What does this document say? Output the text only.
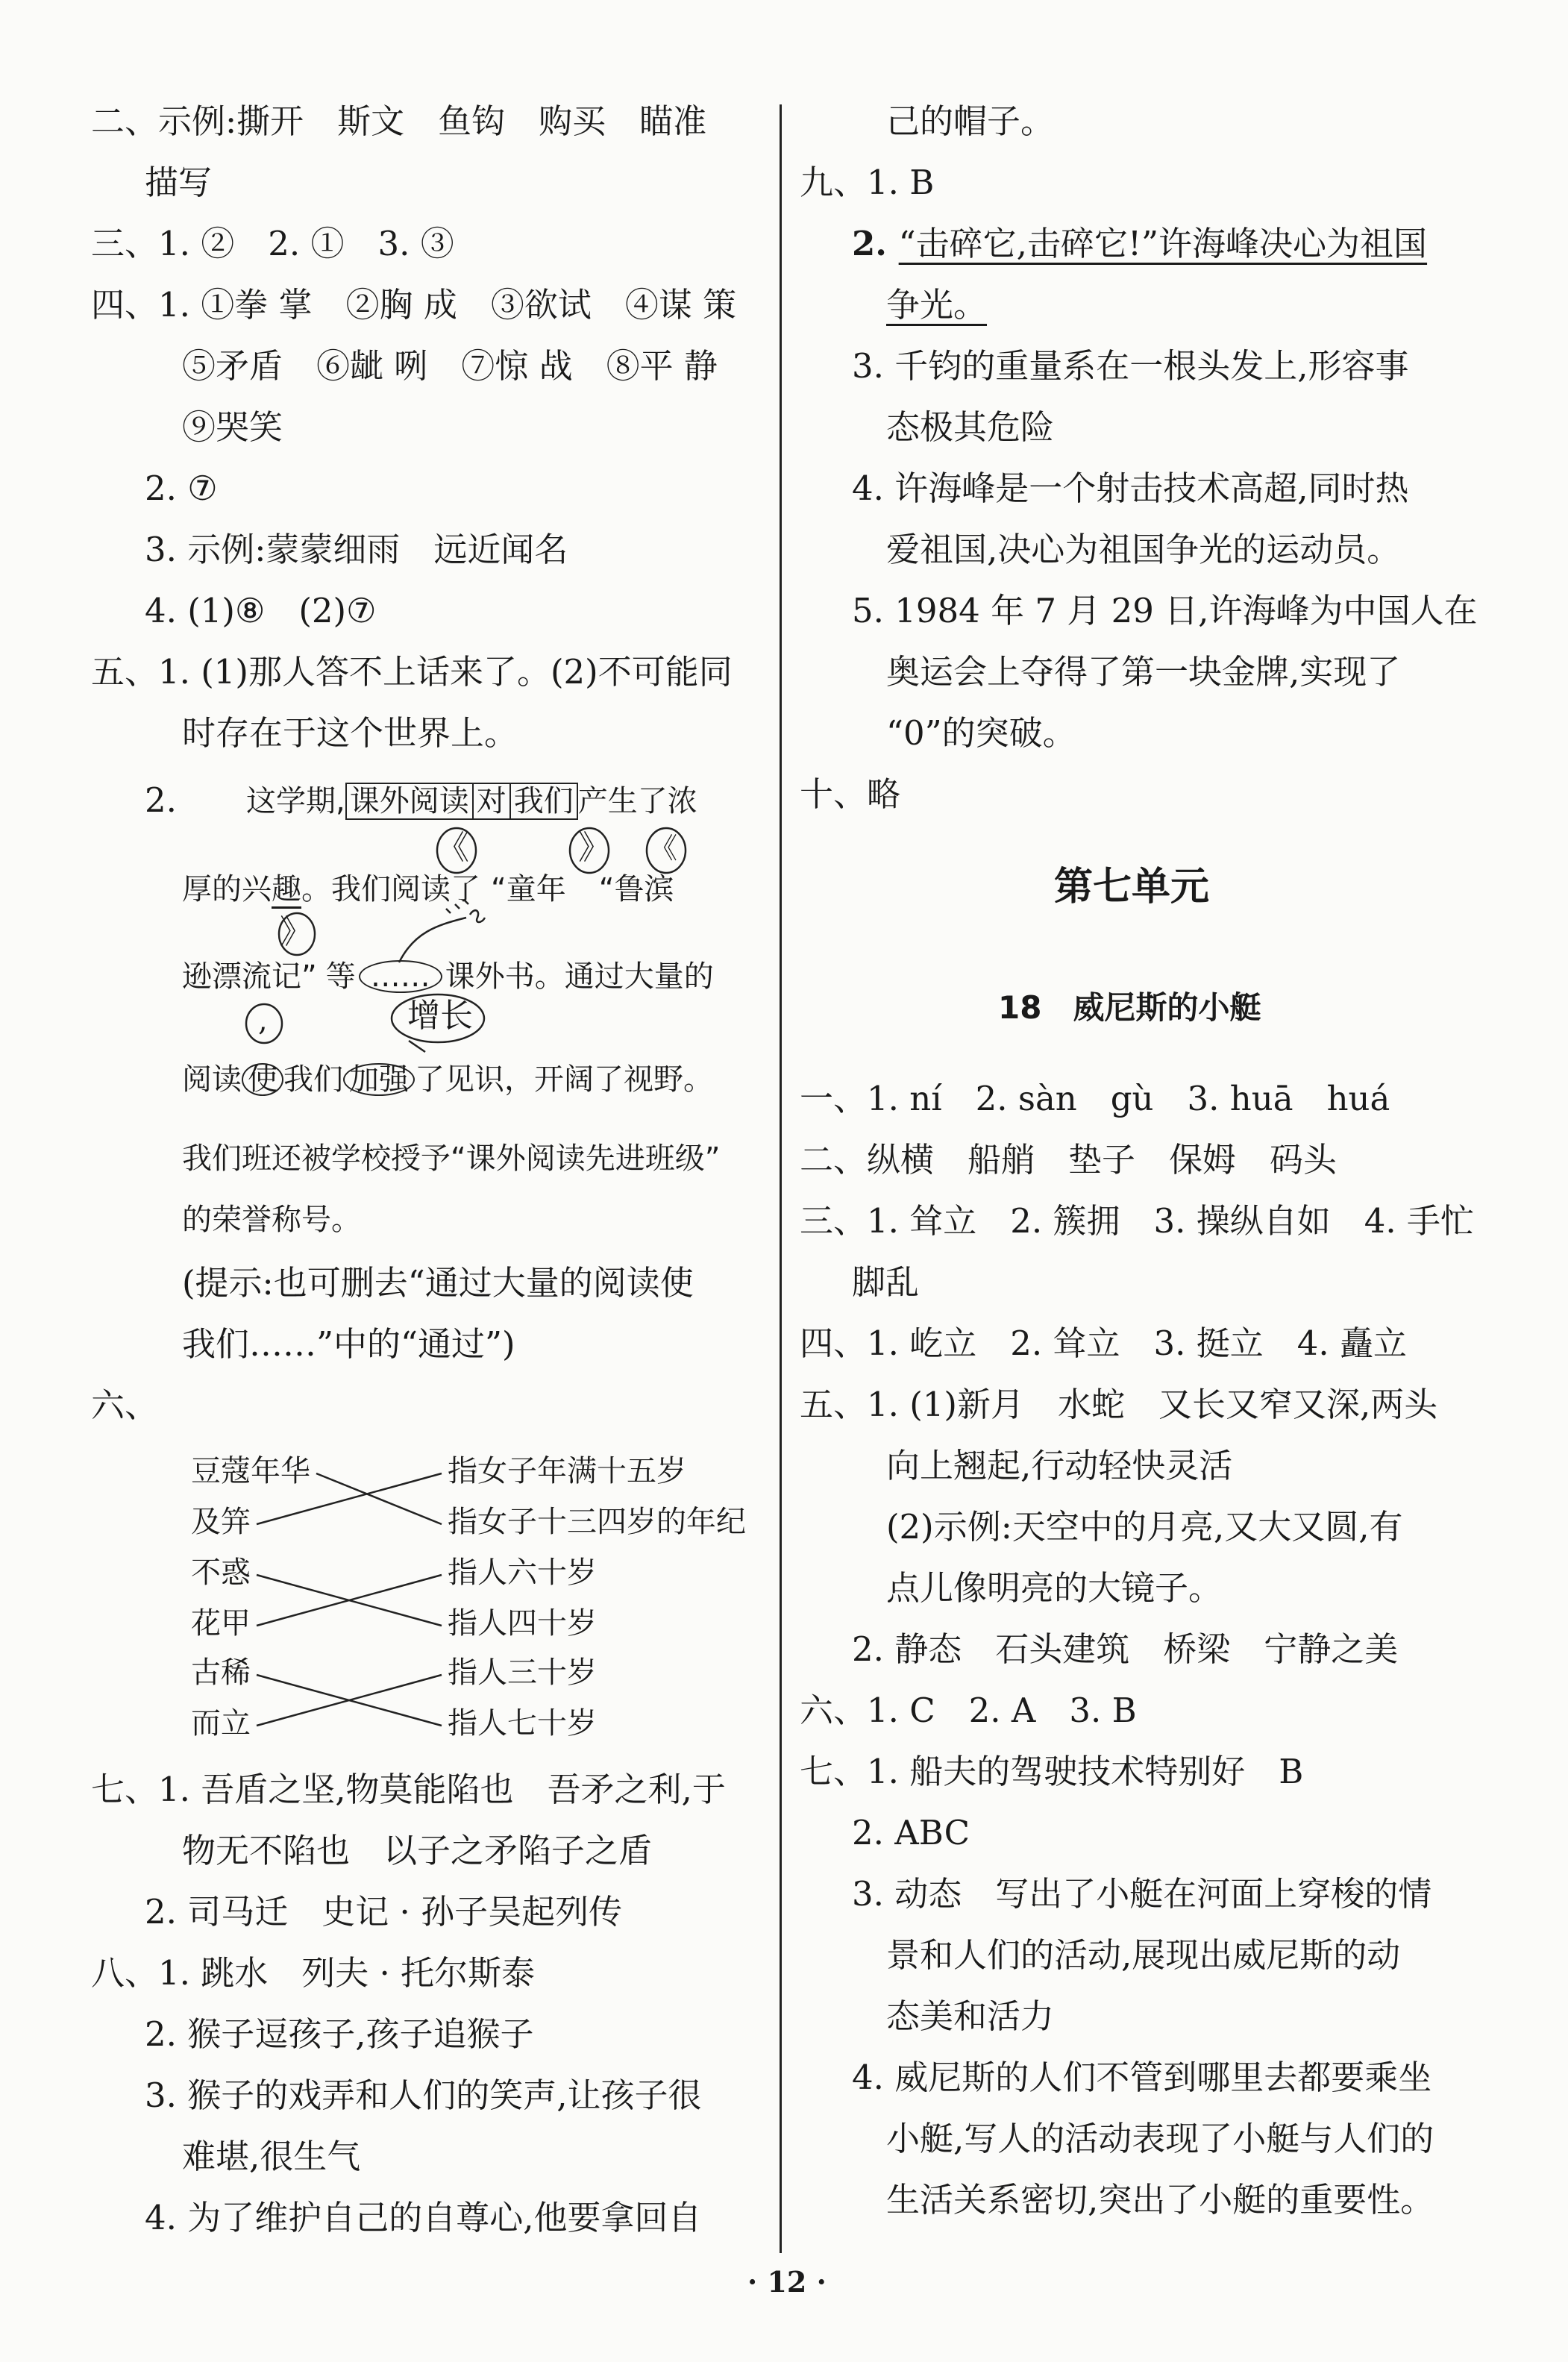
二、示例:撕开　斯文　鱼钩　购买　瞄准
描写
三、1. ②　2. ①　3. ③
四、1. ①拳 掌　②胸 成　③欲试　④谋 策
⑤矛盾　⑥龇 咧　⑦惊 战　⑧平 静
⑨哭笑
2. ⑦
3. 示例:蒙蒙细雨　远近闻名
4. (1)⑧　(2)⑦
五、1. (1)那人答不上话来了。(2)不可能同
时存在于这个世界上。
2. 这学期, 课外阅读 对 我们 产生了浓
《	》 《
厚的兴趣。我们阅读了 “童年 “鲁滨
》
逊漂流记” 等 …… 课外书。通过大量的
增长
,
阅读 使 我们 加强 了见识，开阔了视野。
我们班还被学校授予“课外阅读先进班级”
的荣誉称号。
(提示:也可删去“通过大量的阅读使
我们……”中的“通过”)
六、
豆蔻年华
及笄
不惑
花甲
古稀
而立
指女子年满十五岁
指女子十三四岁的年纪
指人六十岁
指人四十岁
指人三十岁
指人七十岁
七、1. 吾盾之坚,物莫能陷也　吾矛之利,于
物无不陷也　以子之矛陷子之盾
2. 司马迁　史记 · 孙子吴起列传
八、1. 跳水　列夫 · 托尔斯泰
2. 猴子逗孩子,孩子追猴子
3. 猴子的戏弄和人们的笑声,让孩子很
难堪,很生气
4. 为了维护自己的自尊心,他要拿回自
己的帽子。
九、1. B
2. “击碎它,击碎它!”许海峰决心为祖国
争光。
3. 千钧的重量系在一根头发上,形容事
态极其危险
4. 许海峰是一个射击技术高超,同时热
爱祖国,决心为祖国争光的运动员。
5. 1984 年 7 月 29 日,许海峰为中国人在
奥运会上夺得了第一块金牌,实现了
“0”的突破。
十、略
第七单元
18　威尼斯的小艇
一、1. ní　2. sàn　gù　3. huā　huá
二、纵横　船艄　垫子　保姆　码头
三、1. 耸立　2. 簇拥　3. 操纵自如　4. 手忙
脚乱
四、1. 屹立　2. 耸立　3. 挺立　4. 矗立
五、1. (1)新月　水蛇　又长又窄又深,两头
向上翘起,行动轻快灵活
(2)示例:天空中的月亮,又大又圆,有
点儿像明亮的大镜子。
2. 静态　石头建筑　桥梁　宁静之美
六、1. C　2. A　3. B
七、1. 船夫的驾驶技术特别好　B
2. ABC
3. 动态　写出了小艇在河面上穿梭的情
景和人们的活动,展现出威尼斯的动
态美和活力
4. 威尼斯的人们不管到哪里去都要乘坐
小艇,写人的活动表现了小艇与人们的
生活关系密切,突出了小艇的重要性。
· 12 ·
